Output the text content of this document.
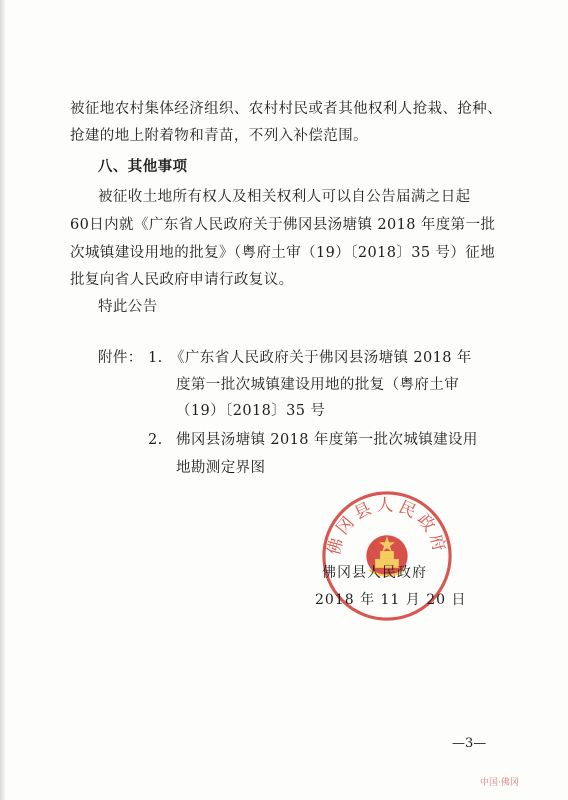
被征地农村集体经济组织、农村村民或者其他权利人抢栽、抢种、
抢建的地上附着物和青苗，不列入补偿范围。
八、其他事项
被征收土地所有权人及相关权利人可以自公告届满之日起
60日内就《广东省人民政府关于佛冈县汤塘镇 2018 年度第一批
次城镇建设用地的批复》（粤府土审（19）〔2018〕35 号）征地
批复向省人民政府申请行政复议。
特此公告
附件： 1. 《广东省人民政府关于佛冈县汤塘镇 2018 年
度第一批次城镇建设用地的批复（粤府土审
（19）〔2018〕35 号
2. 佛冈县汤塘镇 2018 年度第一批次城镇建设用
地勘测定界图
佛冈县人民政府
佛冈县人民政府
2018 年 11 月 20 日
—3—
中国·佛冈
